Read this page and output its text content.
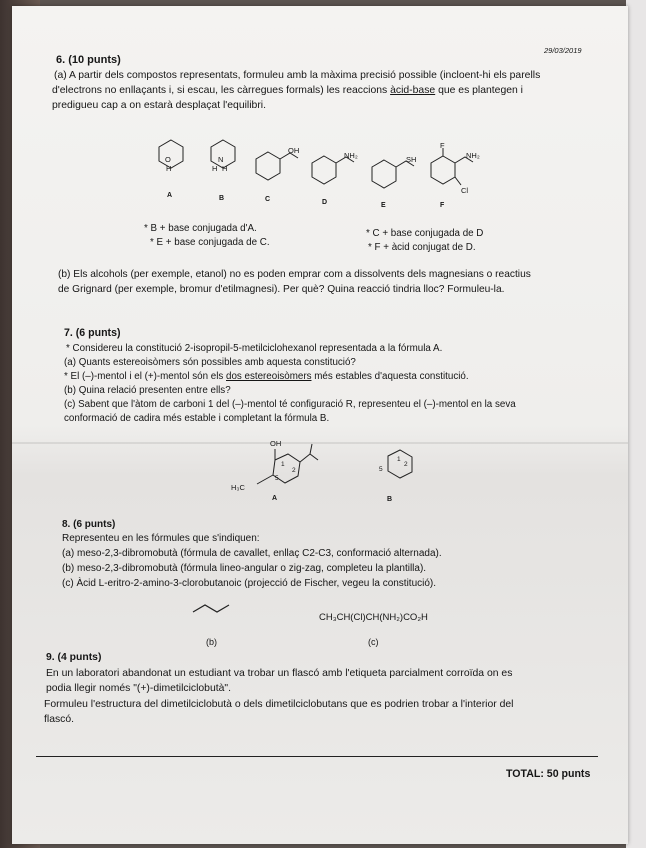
29/03/2019
6. (10 punts)
(a) A partir dels compostos representats, formuleu amb la màxima precisió possible (incloent-hi els parells
d'electrons no enllaçants i, si escau, les càrregues formals) les reaccions àcid-base que es plantegen i
predigueu cap a on estarà desplaçat l'equilibri.
O
H
N
H H
OH
NH₂	SH
F
NH₂
Cl
A	B	C	D	E	F
* B + base conjugada d'A.
* E + base conjugada de C.
* C + base conjugada de D
* F + àcid conjugat de D.
(b) Els alcohols (per exemple, etanol) no es poden emprar com a dissolvents dels magnesians o reactius
de Grignard (per exemple, bromur d'etilmagnesi). Per què? Quina reacció tindria lloc? Formuleu-la.
7. (6 punts)
* Considereu la constitució 2-isopropil-5-metilciclohexanol representada a la fórmula A.
(a) Quants estereoisòmers són possibles amb aquesta constitució?
* El (–)-mentol i el (+)-mentol són els dos estereoisòmers més estables d'aquesta constitució.
(b) Quina relació presenten entre ells?
(c) Sabent que l'àtom de carboni 1 del (–)-mentol té configuració R, representeu el (–)-mentol en la seva
conformació de cadira més estable i completant la fórmula B.
OH
H₃C
1
2
5
A
1
2
5
B
8. (6 punts)
Representeu en les fórmules que s'indiquen:
(a) meso-2,3-dibromobutà (fórmula de cavallet, enllaç C2-C3, conformació alternada).
(b) meso-2,3-dibromobutà (fórmula lineo-angular o zig-zag, completeu la plantilla).
(c) Àcid L-eritro-2-amino-3-clorobutanoic (projecció de Fischer, vegeu la constitució).
CH₃CH(Cl)CH(NH₂)CO₂H
(b)	(c)
9. (4 punts)
En un laboratori abandonat un estudiant va trobar un flascó amb l'etiqueta parcialment corroïda on es
podia llegir només "(+)-dimetilciclobutà".
Formuleu l'estructura del dimetilciclobutà o dels dimetilciclobutans que es podrien trobar a l'interior del
flascó.
TOTAL: 50 punts
